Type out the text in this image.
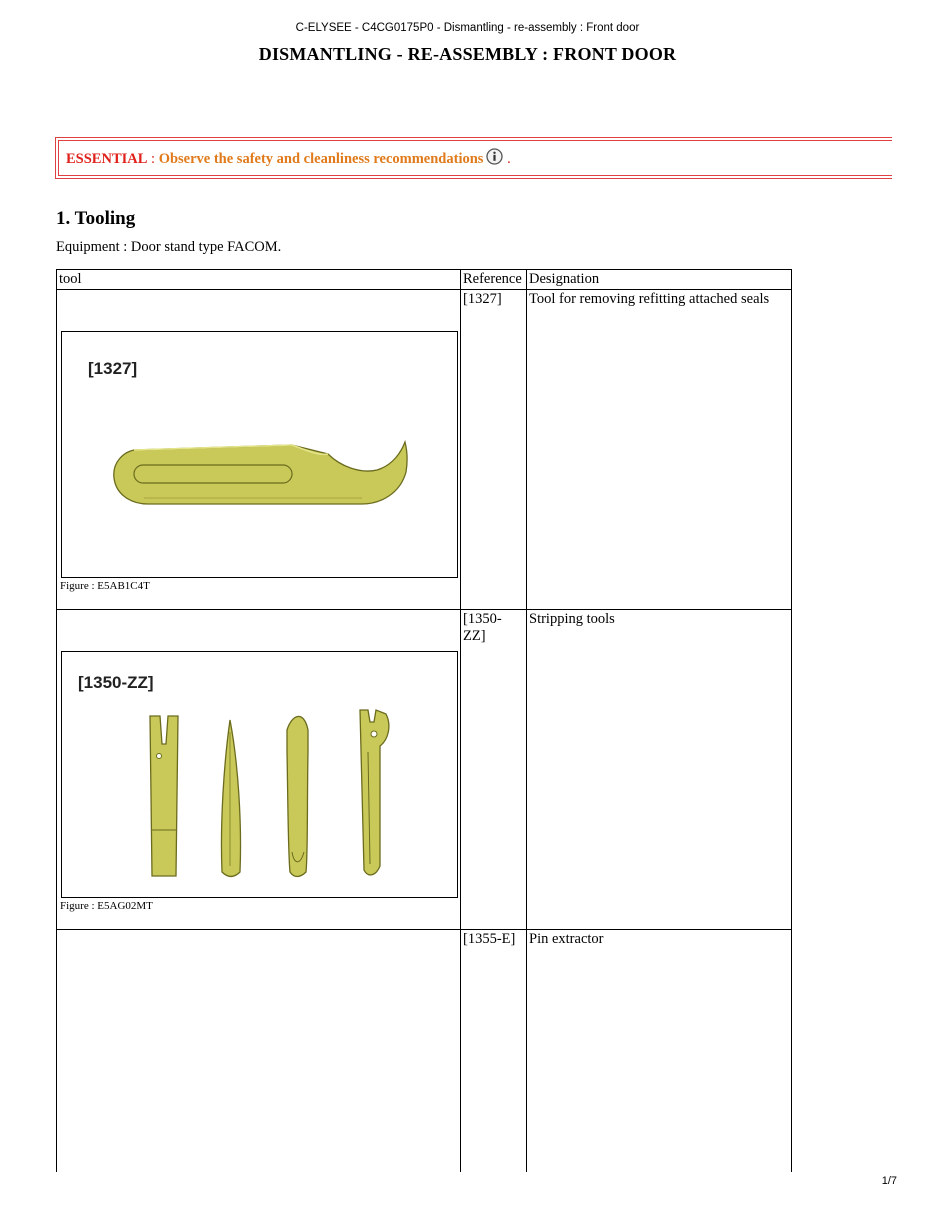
C-ELYSEE - C4CG0175P0 - Dismantling - re-assembly : Front door
DISMANTLING - RE-ASSEMBLY : FRONT DOOR
ESSENTIAL : Observe the safety and cleanliness recommendations .
1. Tooling
Equipment : Door stand type FACOM.
tool	Reference	Designation

[1327]
Figure : E5AB1C4T	[1327]	Tool for removing refitting attached seals

[1350-ZZ]
Figure : E5AG02MT	[1350-ZZ]	Stripping tools
	[1355-E]	Pin extractor
1/7
